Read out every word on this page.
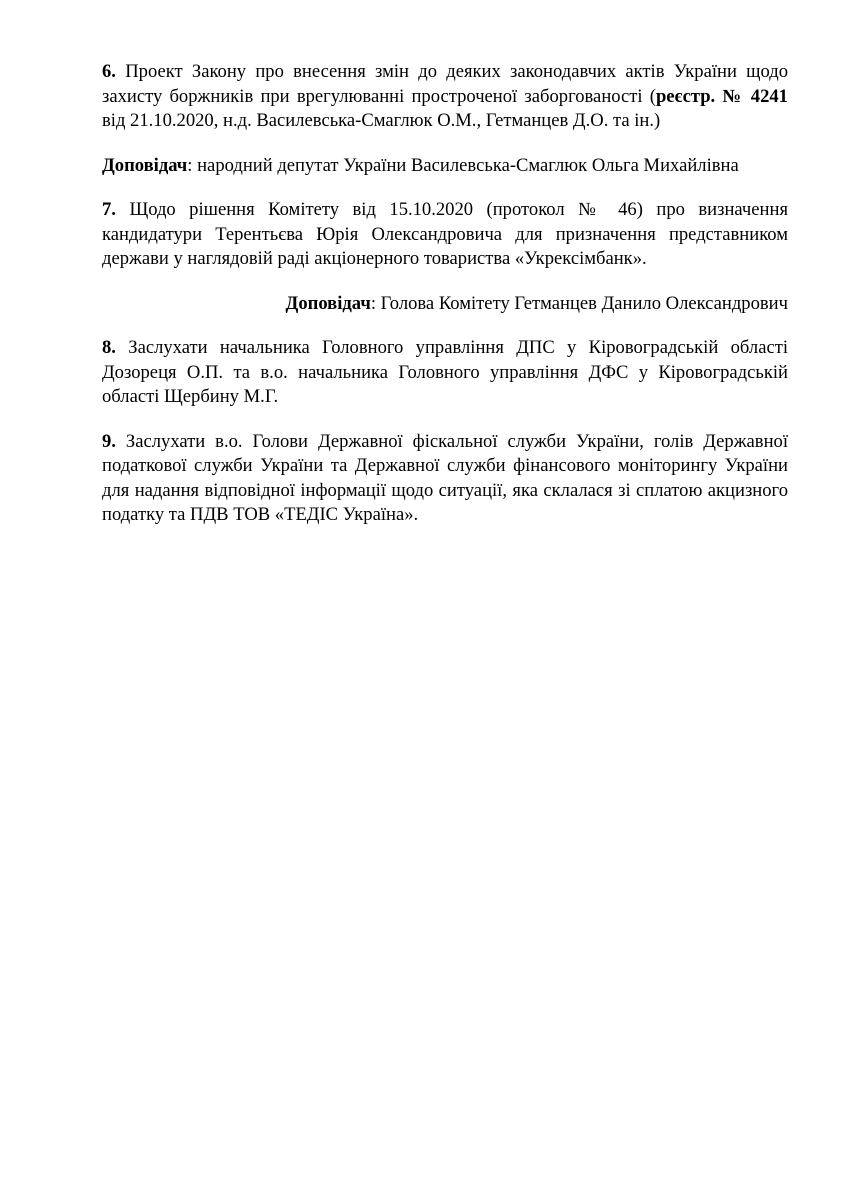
6. Проект Закону про внесення змін до деяких законодавчих актів України щодо захисту боржників при врегулюванні простроченої заборгованості (реєстр. № 4241 від 21.10.2020, н.д. Василевська-Смаглюк О.М., Гетманцев Д.О. та ін.)

Доповідач: народний депутат України Василевська-Смаглюк Ольга Михайлівна

7. Щодо рішення Комітету від 15.10.2020 (протокол № 46) про визначення кандидатури Терентьєва Юрія Олександровича для призначення представником держави у наглядовій раді акціонерного товариства «Укрексімбанк».

Доповідач: Голова Комітету Гетманцев Данило Олександрович

8. Заслухати начальника Головного управління ДПС у Кіровоградській області Дозореця О.П. та в.о. начальника Головного управління ДФС у Кіровоградській області Щербину М.Г.

9. Заслухати в.о. Голови Державної фіскальної служби України, голів Державної податкової служби України та Державної служби фінансового моніторингу України для надання відповідної інформації щодо ситуації, яка склалася зі сплатою акцизного податку та ПДВ ТОВ «ТЕДІС Україна».
